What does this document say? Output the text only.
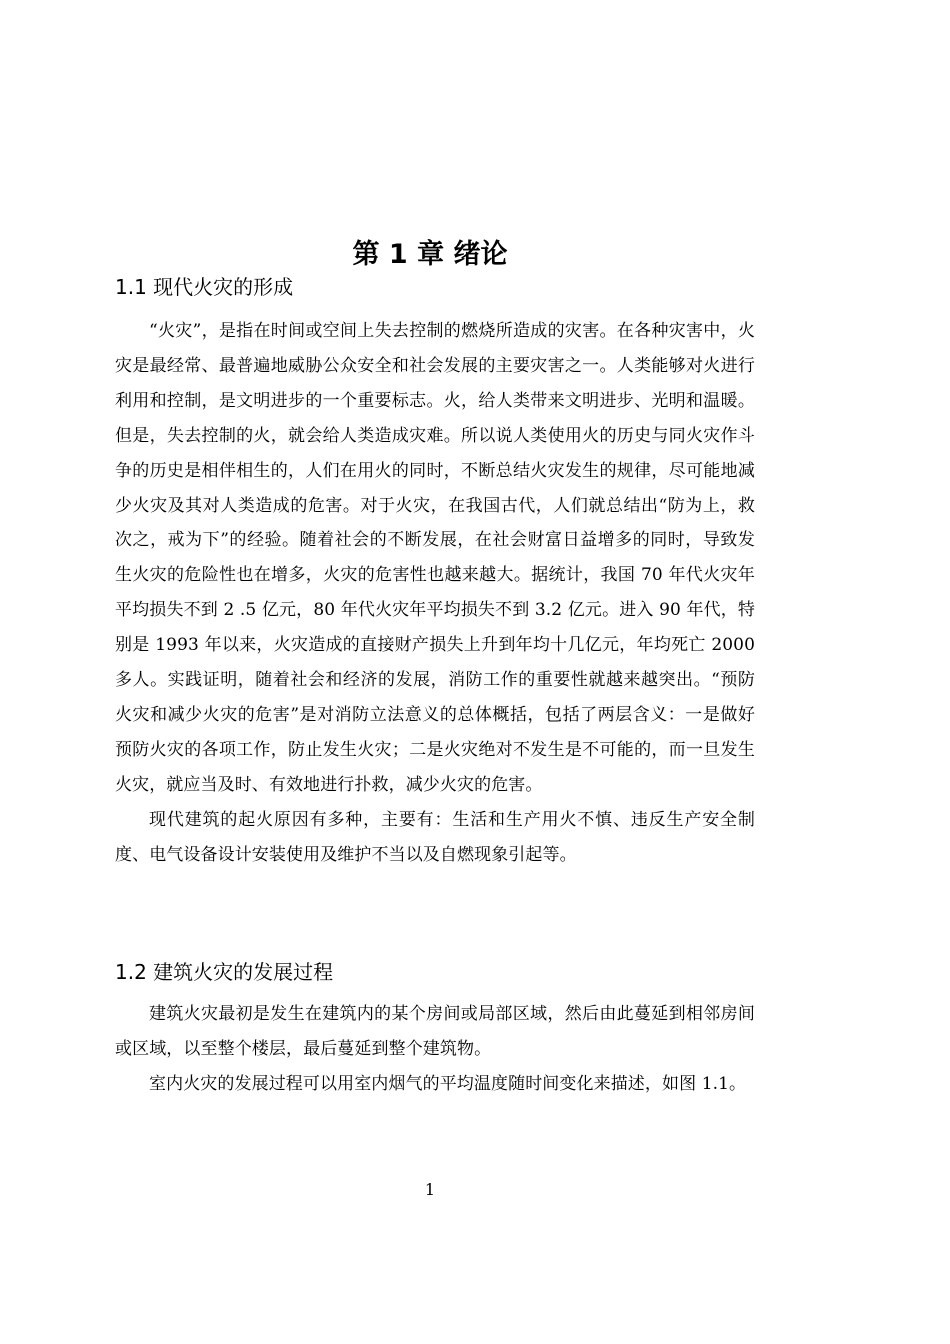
第 1 章 绪论
1.1 现代火灾的形成

“火灾”，是指在时间或空间上失去控制的燃烧所造成的灾害。在各种灾害中，火灾是最经常、最普遍地威胁公众安全和社会发展的主要灾害之一。人类能够对火进行利用和控制，是文明进步的一个重要标志。火，给人类带来文明进步、光明和温暖。但是，失去控制的火，就会给人类造成灾难。所以说人类使用火的历史与同火灾作斗争的历史是相伴相生的，人们在用火的同时，不断总结火灾发生的规律，尽可能地减少火灾及其对人类造成的危害。对于火灾，在我国古代，人们就总结出“防为上，救次之，戒为下”的经验。随着社会的不断发展，在社会财富日益增多的同时，导致发生火灾的危险性也在增多，火灾的危害性也越来越大。据统计，我国 70 年代火灾年平均损失不到 2 .5 亿元，80 年代火灾年平均损失不到 3.2 亿元。进入 90 年代，特别是 1993 年以来，火灾造成的直接财产损失上升到年均十几亿元，年均死亡 2000 多人。实践证明，随着社会和经济的发展，消防工作的重要性就越来越突出。“预防火灾和减少火灾的危害”是对消防立法意义的总体概括，包括了两层含义：一是做好预防火灾的各项工作，防止发生火灾；二是火灾绝对不发生是不可能的，而一旦发生火灾，就应当及时、有效地进行扑救，减少火灾的危害。

现代建筑的起火原因有多种，主要有：生活和生产用火不慎、违反生产安全制度、电气设备设计安装使用及维护不当以及自燃现象引起等。

1.2 建筑火灾的发展过程

建筑火灾最初是发生在建筑内的某个房间或局部区域，然后由此蔓延到相邻房间或区域，以至整个楼层，最后蔓延到整个建筑物。

室内火灾的发展过程可以用室内烟气的平均温度随时间变化来描述，如图 1.1。

1
